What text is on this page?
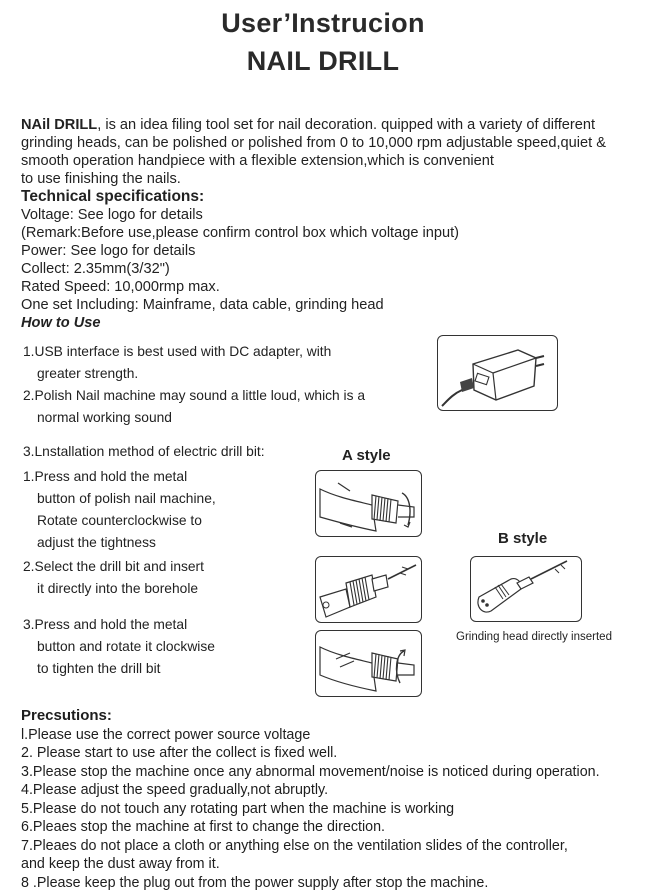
User’Instrucion
NAIL DRILL

NAil DRILL, is an idea filing tool set for nail decoration. quipped with a variety of different

grinding heads, can be polished or polished from 0 to 10,000 rpm adjustable speed,quiet &

smooth operation handpiece with a flexible extension,which is convenient

to use finishing the nails.

Technical specifications:

Voltage: See logo for details

(Remark:Before use,please confirm control box which voltage input)

Power: See logo for details

Collect: 2.35mm(3/32")

Rated Speed: 10,000rmp max.

One set Including: Mainframe, data cable, grinding head

How to Use

1.USB interface is best used with DC adapter, with
greater strength.
2.Polish Nail machine may sound a little loud, which is a
normal working sound
3.Lnstallation method of electric drill bit:
1.Press and hold the metal
button of polish nail machine,
Rotate counterclockwise to
adjust the tightness
2.Select the drill bit and insert
it directly into the borehole
3.Press and hold the metal
button and rotate it clockwise
to tighten the drill bit
A style
B style
Grinding head directly inserted

Precsutions:

l.Please use the correct power source voltage

2. Please start to use after the collect is fixed well.

3.Please stop the machine once any abnormal movement/noise is noticed during operation.

4.Please adjust the speed gradually,not abruptly.

5.Please do not touch any rotating part when the machine is working

6.Pleaes stop the machine at first to change the direction.

7.Pleaes do not place a cloth or anything else on the ventilation slides of the controller,

and keep the dust away from it.

8 .Please keep the plug out from the power supply after stop the machine.
